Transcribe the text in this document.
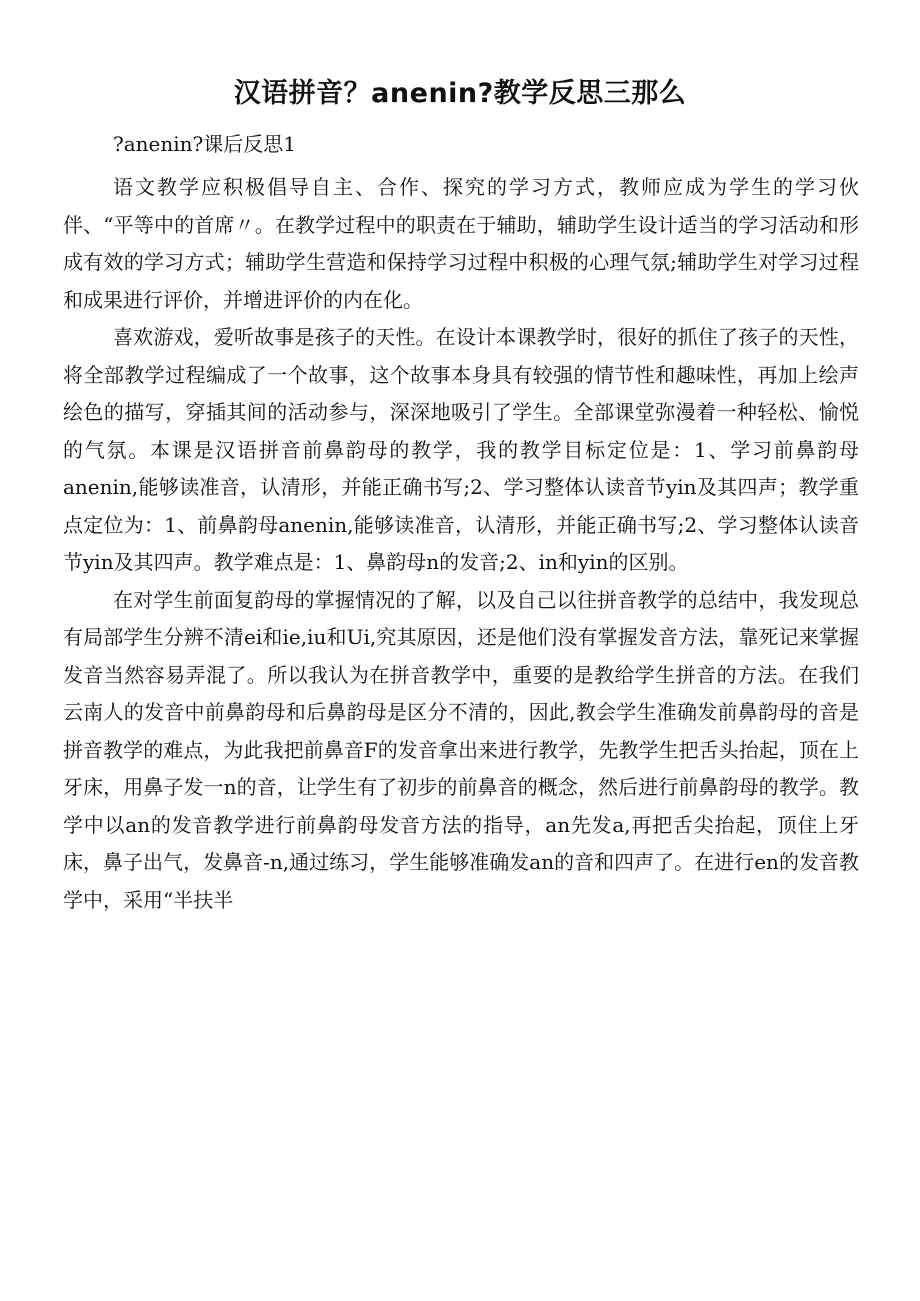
汉语拼音？anenin?教学反思三那么
?anenin?课后反思1

语文教学应积极倡导自主、合作、探究的学习方式，教师应成为学生的学习伙伴、“平等中的首席〃。在教学过程中的职责在于辅助，辅助学生设计适当的学习活动和形成有效的学习方式；辅助学生营造和保持学习过程中积极的心理气氛;辅助学生对学习过程和成果进行评价，并增进评价的内在化。

喜欢游戏，爱听故事是孩子的天性。在设计本课教学时，很好的抓住了孩子的天性，将全部教学过程编成了一个故事，这个故事本身具有较强的情节性和趣味性，再加上绘声绘色的描写，穿插其间的活动参与，深深地吸引了学生。全部课堂弥漫着一种轻松、愉悦的气氛。本课是汉语拼音前鼻韵母的教学，我的教学目标定位是：1、学习前鼻韵母anenin,能够读准音，认清形，并能正确书写;2、学习整体认读音节yin及其四声；教学重点定位为：1、前鼻韵母anenin,能够读准音，认清形，并能正确书写;2、学习整体认读音节yin及其四声。教学难点是：1、鼻韵母n的发音;2、in和yin的区别。

在对学生前面复韵母的掌握情况的了解，以及自己以往拼音教学的总结中，我发现总有局部学生分辨不清ei和ie,iu和Ui,究其原因，还是他们没有掌握发音方法，靠死记来掌握发音当然容易弄混了。所以我认为在拼音教学中，重要的是教给学生拼音的方法。在我们云南人的发音中前鼻韵母和后鼻韵母是区分不清的，因此,教会学生准确发前鼻韵母的音是拼音教学的难点，为此我把前鼻音F的发音拿出来进行教学，先教学生把舌头抬起，顶在上牙床，用鼻子发一n的音，让学生有了初步的前鼻音的概念，然后进行前鼻韵母的教学。教学中以an的发音教学进行前鼻韵母发音方法的指导，an先发a,再把舌尖抬起，顶住上牙床，鼻子出气，发鼻音-n,通过练习，学生能够准确发an的音和四声了。在进行en的发音教学中，采用“半扶半
